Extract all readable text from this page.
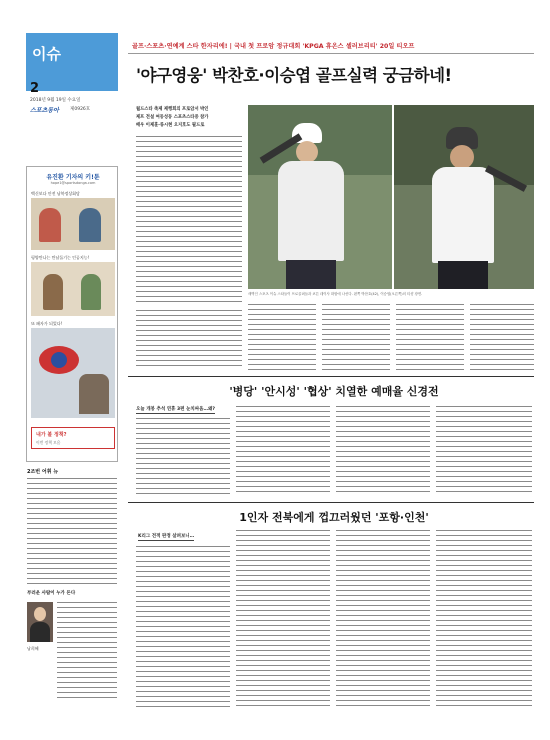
이슈
2
2018년 9월 19일 수요일
스포츠동아 제0926호
유진환 기자의 키!툰
hope1@sportsdonga.com
백신보다 안전 남북정상회담
평양만나는 만남돌기는 인공지능!
또 패자가 되었다!
내가 볼 정책?
이번 정책 모음
2조번 어휘 뉴
부러운 사람이 누가 돈다
남희혜
골프·스포츠·연예계 스타 한자리에! | 국내 첫 프로암 정규대회 'KPGA 휴온스 셀러브리티' 20일 티오프
'야구영웅' 박찬호·이승엽 골프실력 궁금하네!
월드스타 축제 제행회의 프로암서 박인
제프 전설 여동성동 스포츠스타중 참가
배우 이제훈·류시현 오지호도 필드로
새벽인 스포츠 이슈 스타들이 프로골퍼들과 코튼 데이사 화합에 나선다. 왼쪽 박찬호(42), 이승엽(오른쪽)의 티샷 장면.
'병당' '안시성' '협상' 치열한 예매율 신경전
오늘 개봉 추석 연휴 3편 눈치싸움…왜?
1인자 전북에게 껍끄러웠던 '포항·인천'
K리그 전적 판정 살펴보니…
